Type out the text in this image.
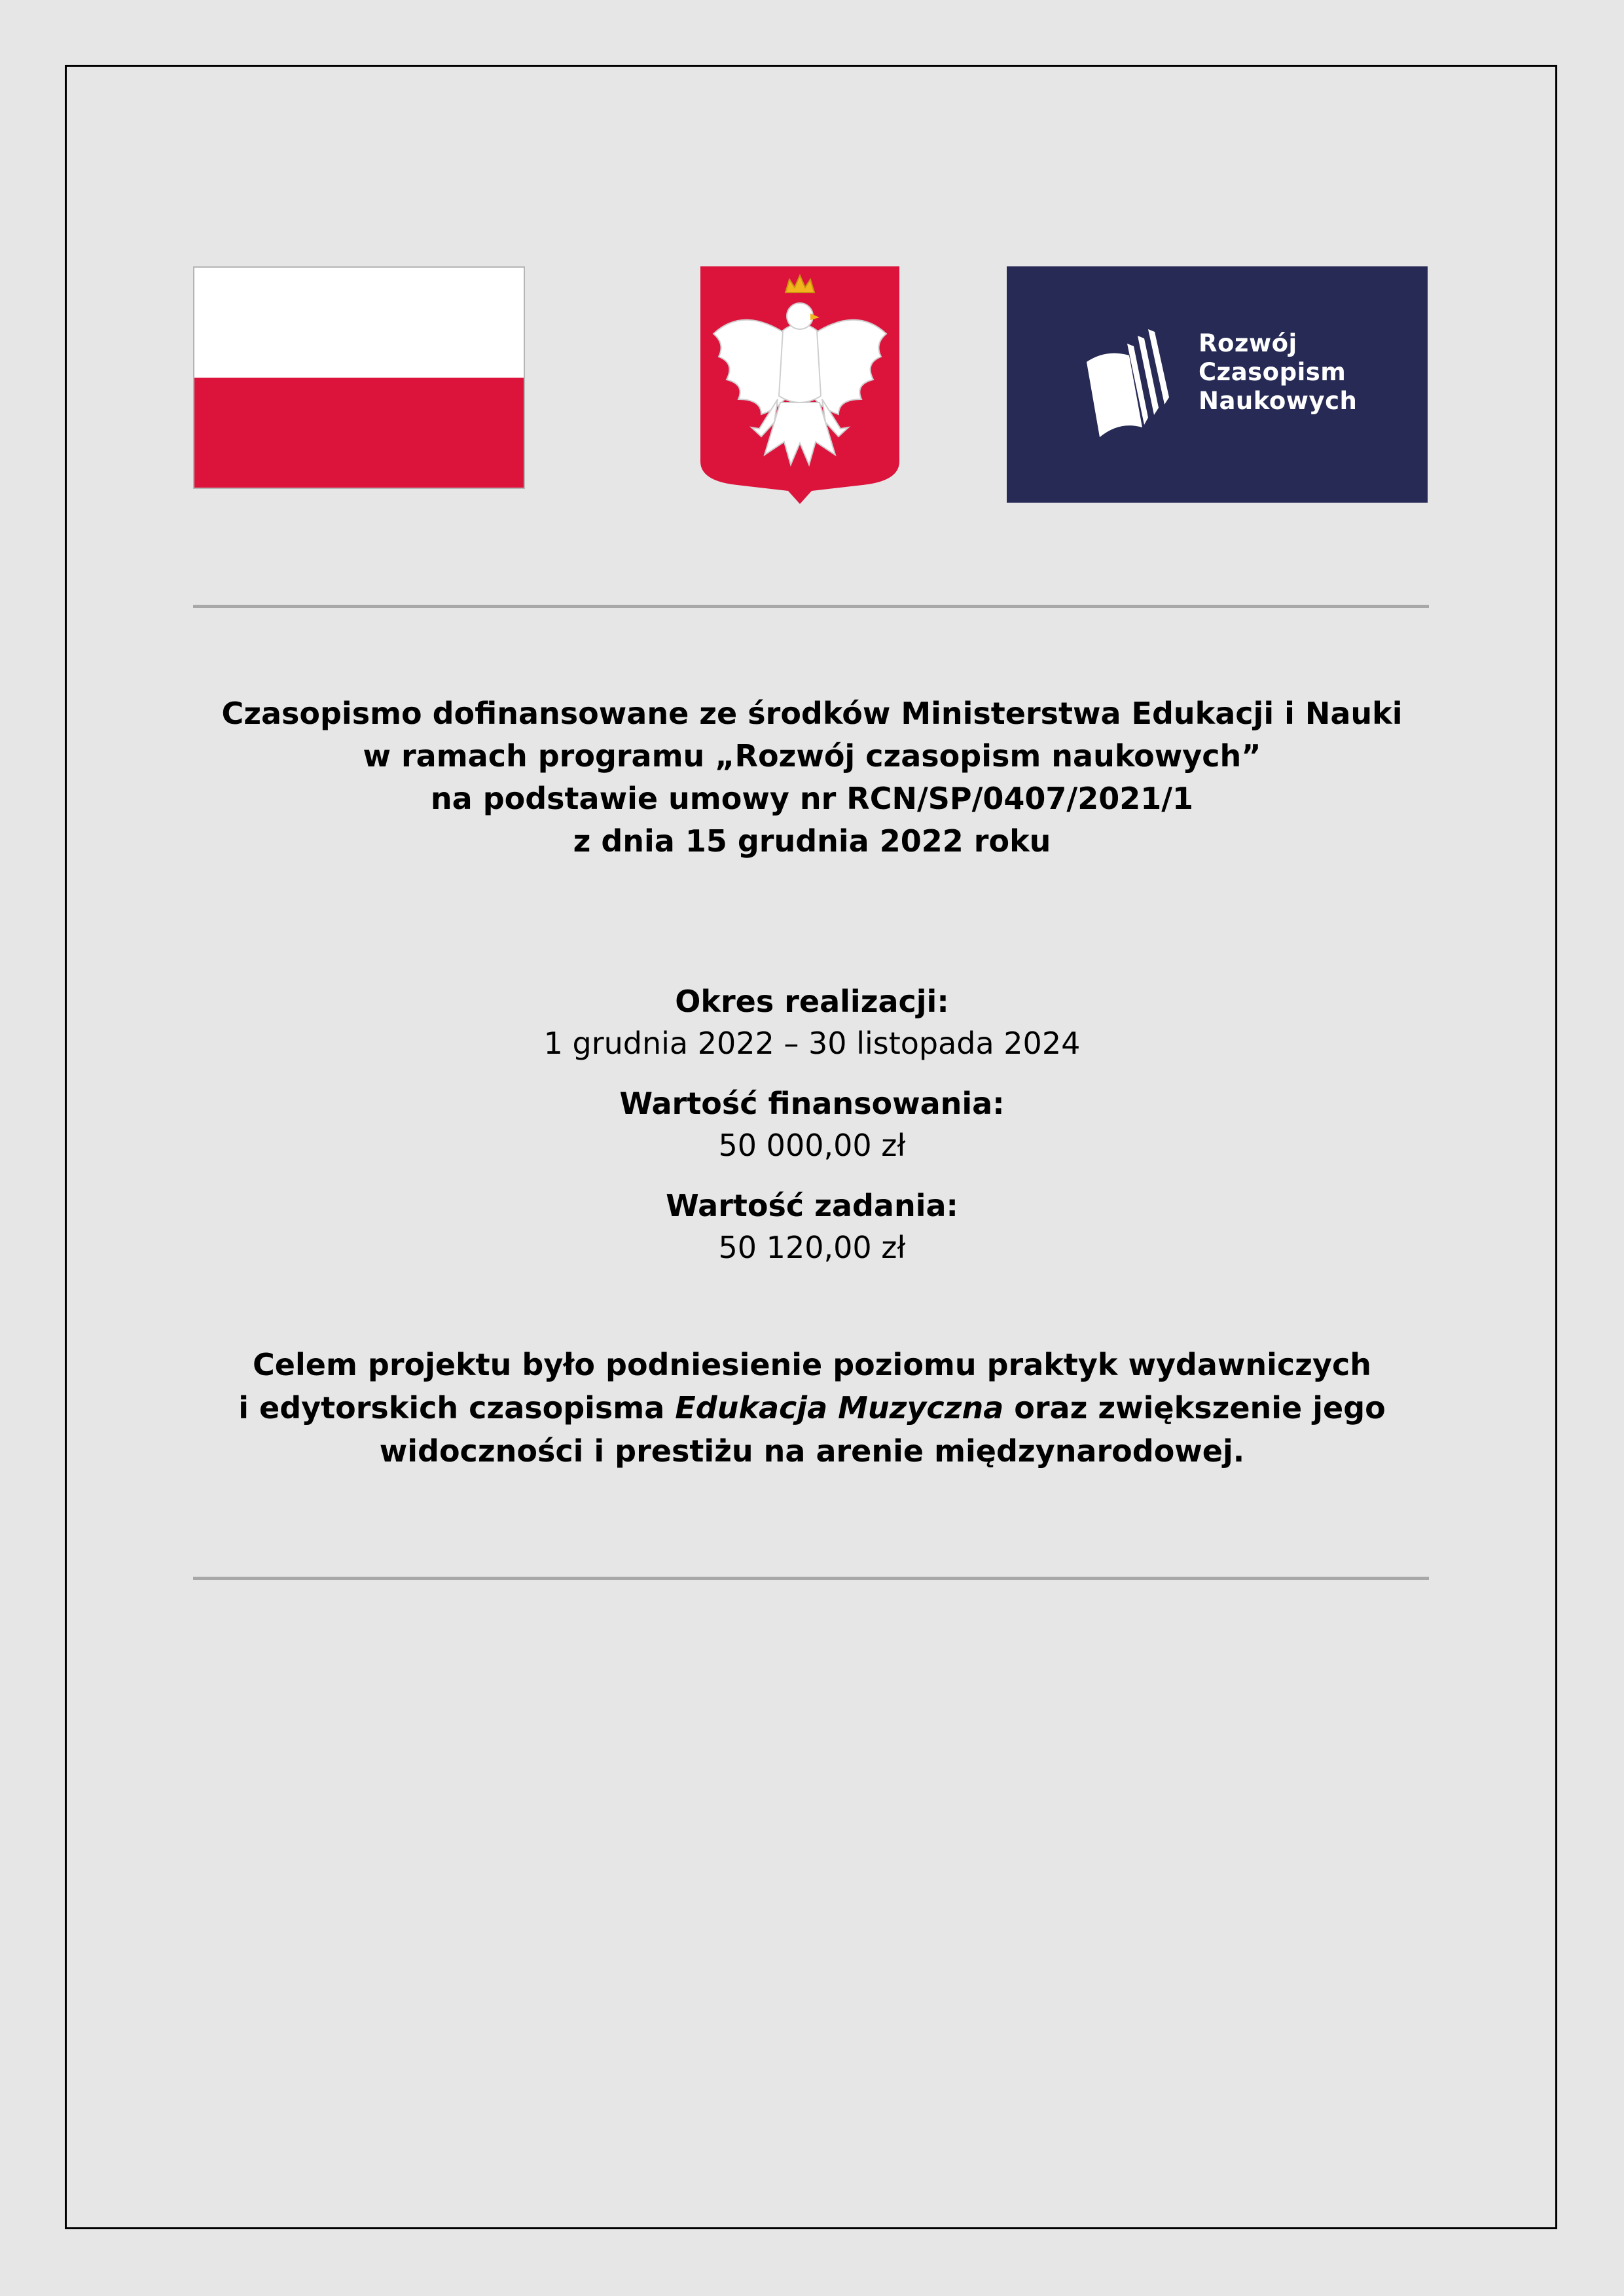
Rozwój
Czasopism
Naukowych
Czasopismo dofinansowane ze środków Ministerstwa Edukacji i Nauki
w ramach programu „Rozwój czasopism naukowych”
na podstawie umowy nr RCN/SP/0407/2021/1
z dnia 15 grudnia 2022 roku
Okres realizacji:
1 grudnia 2022 – 30 listopada 2024
Wartość finansowania:
50 000,00 zł
Wartość zadania:
50 120,00 zł
Celem projektu było podniesienie poziomu praktyk wydawniczych
i edytorskich czasopisma Edukacja Muzyczna oraz zwiększenie jego
widoczności i prestiżu na arenie międzynarodowej.
